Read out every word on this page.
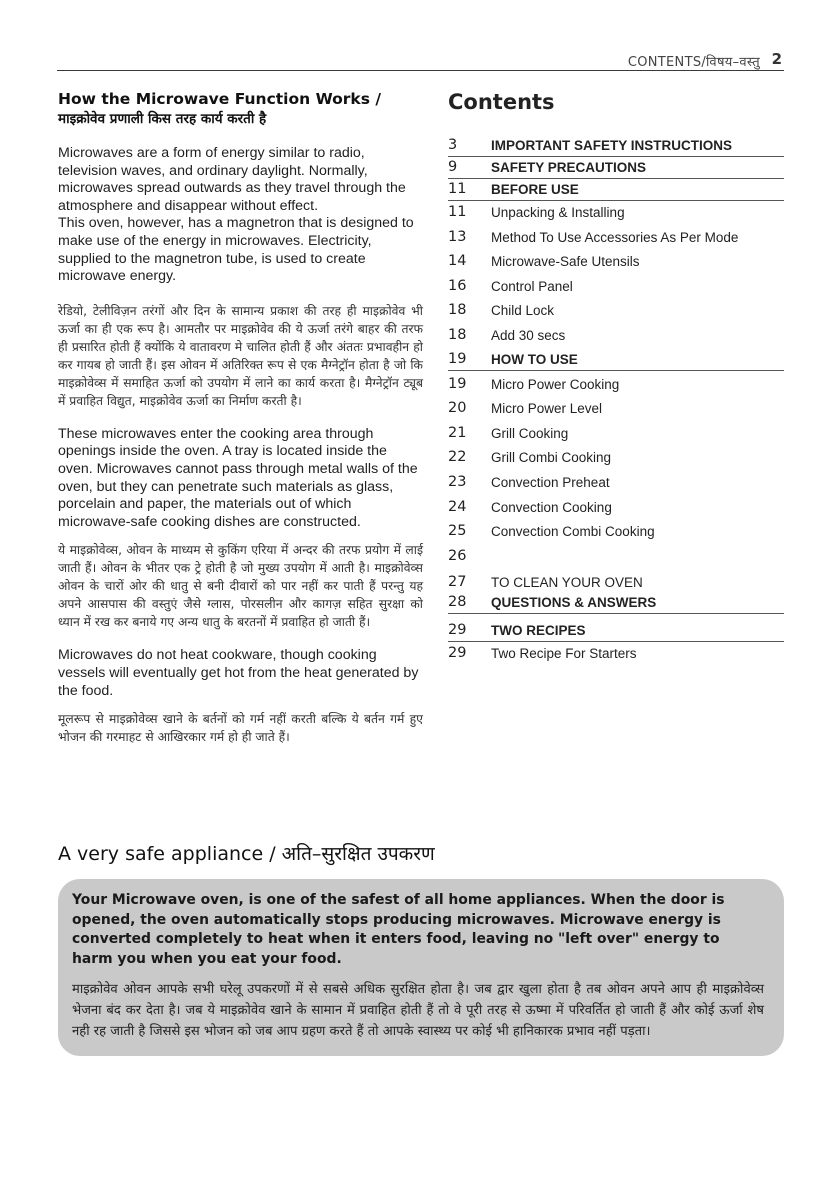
CONTENTS/विषय–वस्तु 2
How the Microwave Function Works /
माइक्रोवेव प्रणाली किस तरह कार्य करती है

Microwaves are a form of energy similar to radio, television waves, and ordinary daylight. Normally, microwaves spread outwards as they travel through the atmosphere and disappear without effect.

This oven, however, has a magnetron that is designed to make use of the energy in microwaves. Electricity, supplied to the magnetron tube, is used to create microwave energy.

रेडियो, टेलीविज़न तरंगों और दिन के सामान्य प्रकाश की तरह ही माइक्रोवेव भी ऊर्जा का ही एक रूप है। आमतौर पर माइक्रोवेव की ये ऊर्जा तरंगे बाहर की तरफ ही प्रसारित होती हैं क्योंकि ये वातावरण मे चालित होती हैं और अंततः प्रभावहीन हो कर गायब हो जाती हैं। इस ओवन में अतिरिक्त रूप से एक मैग्नेट्रॉन होता है जो कि माइक्रोवेव्स में समाहित ऊर्जा को उपयोग में लाने का कार्य करता है। मैग्नेट्रॉन ट्यूब में प्रवाहित विद्युत, माइक्रोवेव ऊर्जा का निर्माण करती है।

These microwaves enter the cooking area through openings inside the oven. A tray is located inside the oven. Microwaves cannot pass through metal walls of the oven, but they can penetrate such materials as glass, porcelain and paper, the materials out of which microwave-safe cooking dishes are constructed.

ये माइक्रोवेव्स, ओवन के माध्यम से कुकिंग एरिया में अन्दर की तरफ प्रयोग में लाई जाती हैं। ओवन के भीतर एक ट्रे होती है जो मुख्य उपयोग में आती है। माइक्रोवेव्स ओवन के चारों ओर की धातु से बनी दीवारों को पार नहीं कर पाती हैं परन्तु यह अपने आसपास की वस्तुएं जैसे ग्लास, पोरसलीन और कागज़ सहित सुरक्षा को ध्यान में रख कर बनाये गए अन्य धातु के बरतनों में प्रवाहित हो जाती हैं।

Microwaves do not heat cookware, though cooking vessels will eventually get hot from the heat generated by the food.

मूलरूप से माइक्रोवेव्स खाने के बर्तनों को गर्म नहीं करती बल्कि ये बर्तन गर्म हुए भोजन की गरमाहट से आखिरकार गर्म हो ही जाते हैं।

Contents
3	IMPORTANT SAFETY INSTRUCTIONS
9	SAFETY PRECAUTIONS
11 BEFORE USE
11 Unpacking & Installing
13 Method To Use Accessories As Per Mode
14 Microwave-Safe Utensils
16 Control Panel
18 Child Lock
18 Add 30 secs
19 HOW TO USE
19 Micro Power Cooking
20 Micro Power Level
21 Grill Cooking
22 Grill Combi Cooking
23 Convection Preheat
24 Convection Cooking
25 Convection Combi Cooking
26
27 TO CLEAN YOUR OVEN
28 QUESTIONS & ANSWERS
29 TWO RECIPES
29 Two Recipe For Starters
A very safe appliance / अति–सुरक्षित उपकरण

Your Microwave oven, is one of the safest of all home appliances. When the door is opened, the oven automatically stops producing microwaves. Microwave energy is converted completely to heat when it enters food, leaving no "left over" energy to harm you when you eat your food.

माइक्रोवेव ओवन आपके सभी घरेलू उपकरणों में से सबसे अधिक सुरक्षित होता है। जब द्वार खुला होता है तब ओवन अपने आप ही माइक्रोवेव्स भेजना बंद कर देता है। जब ये माइक्रोवेव खाने के सामान में प्रवाहित होती हैं तो वे पूरी तरह से ऊष्मा में परिवर्तित हो जाती हैं और कोई ऊर्जा शेष नही रह जाती है जिससे इस भोजन को जब आप ग्रहण करते हैं तो आपके स्वास्थ्य पर कोई भी हानिकारक प्रभाव नहीं पड़ता।
